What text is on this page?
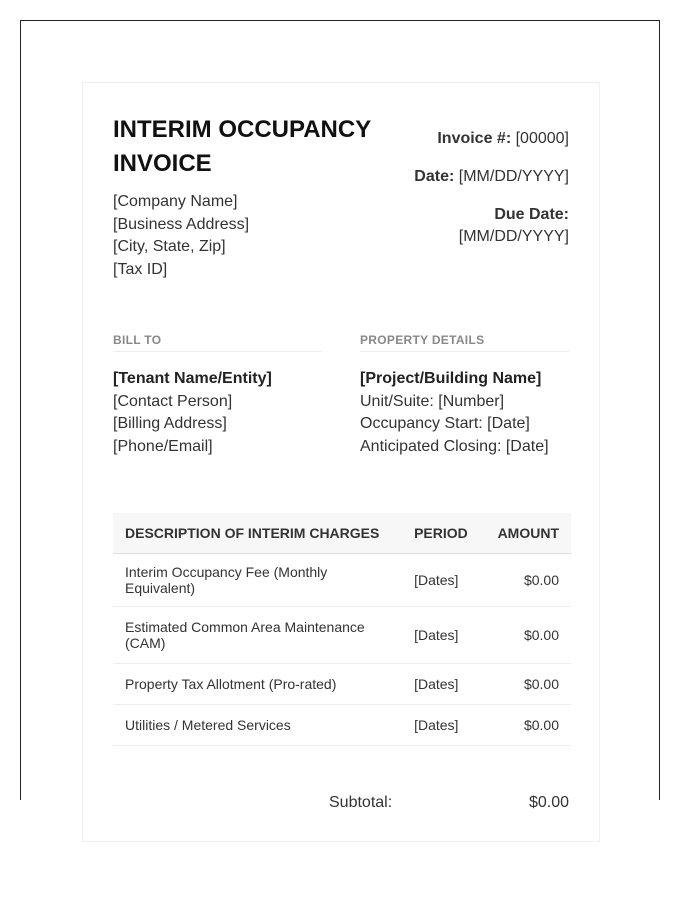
INTERIM OCCUPANCY INVOICE
[Company Name]
[Business Address]
[City, State, Zip]
[Tax ID]
Invoice #: [00000]
Date: [MM/DD/YYYY]
Due Date:
[MM/DD/YYYY]
BILL TO
[Tenant Name/Entity]
[Contact Person]
[Billing Address]
[Phone/Email]
PROPERTY DETAILS
[Project/Building Name]
Unit/Suite: [Number]
Occupancy Start: [Date]
Anticipated Closing: [Date]
DESCRIPTION OF INTERIM CHARGES	PERIOD	AMOUNT
Interim Occupancy Fee (Monthly Equivalent)	[Dates]	$0.00
Estimated Common Area Maintenance (CAM)	[Dates]	$0.00
Property Tax Allotment (Pro-rated)	[Dates]	$0.00
Utilities / Metered Services	[Dates]	$0.00
Subtotal:	$0.00
